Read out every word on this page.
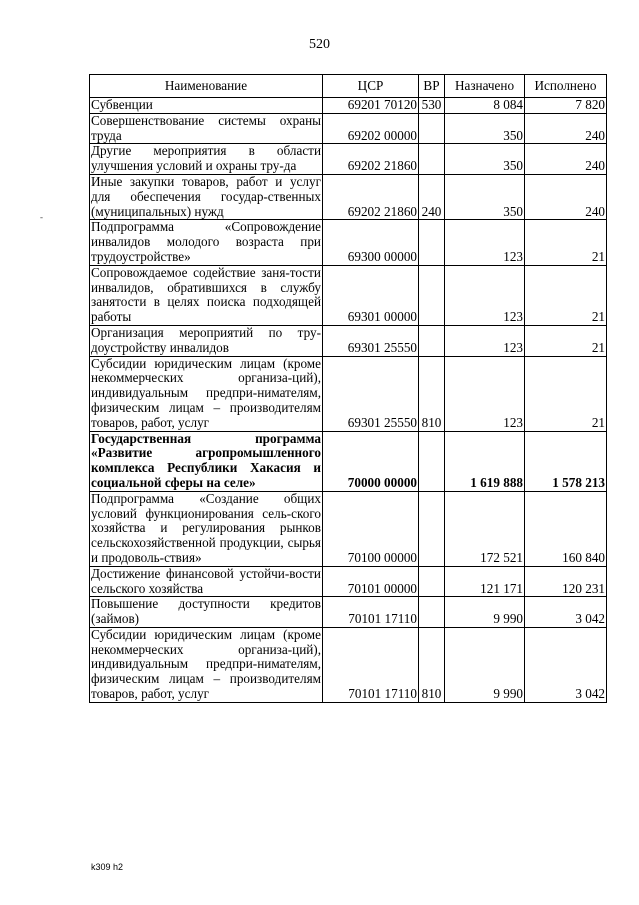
520
-
Наименование	ЦСР	ВР	Назначено	Исполнено
Субвенции	69201 70120	530	8 084	7 820
Совершенствование системы охраны труда	69202 00000		350	240
Другие мероприятия в области улучшения условий и охраны тру-да	69202 21860		350	240
Иные закупки товаров, работ и услуг для обеспечения государ-ственных (муниципальных) нужд	69202 21860	240	350	240
Подпрограмма «Сопровождение инвалидов молодого возраста при трудоустройстве»	69300 00000		123	21
Сопровождаемое содействие заня-тости инвалидов, обратившихся в службу занятости в целях поиска подходящей работы	69301 00000		123	21
Организация мероприятий по тру-доустройству инвалидов	69301 25550		123	21
Субсидии юридическим лицам (кроме некоммерческих организа-ций), индивидуальным предпри-нимателям, физическим лицам – производителям товаров, работ, услуг	69301 25550	810	123	21
Государственная программа «Развитие агропромышленного комплекса Республики Хакасия и социальной сферы на селе»	70000 00000		1 619 888	1 578 213
Подпрограмма «Создание общих условий функционирования сель-ского хозяйства и регулирования рынков сельскохозяйственной продукции, сырья и продоволь-ствия»	70100 00000		172 521	160 840
Достижение финансовой устойчи-вости сельского хозяйства	70101 00000		121 171	120 231
Повышение доступности кредитов (займов)	70101 17110		9 990	3 042
Субсидии юридическим лицам (кроме некоммерческих организа-ций), индивидуальным предпри-нимателям, физическим лицам – производителям товаров, работ, услуг	70101 17110	810	9 990	3 042
k309 h2
